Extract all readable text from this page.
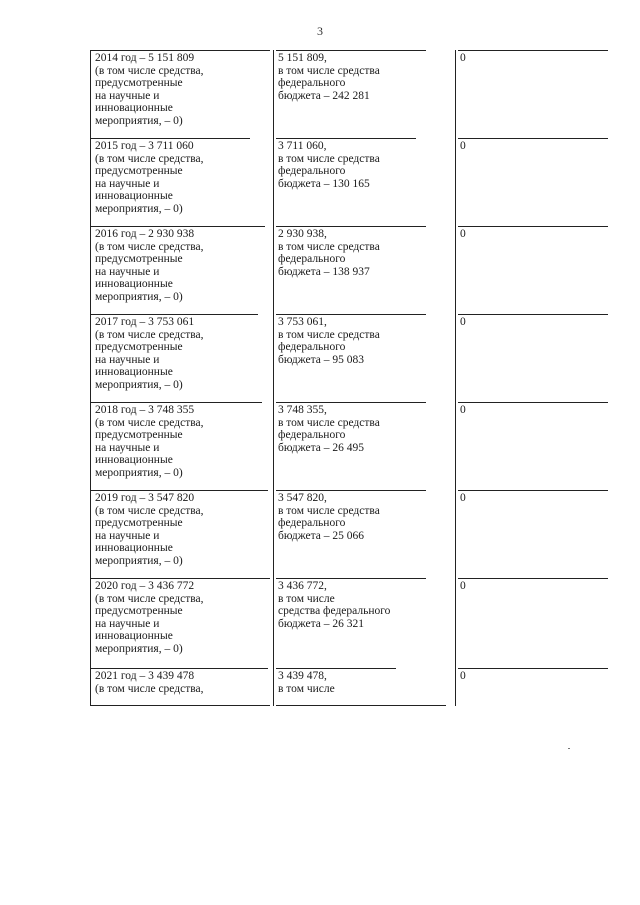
3
2014 год – 5 151 809
(в том числе средства,
предусмотренные
на научные и
инновационные
мероприятия, – 0)
5 151 809,
в том числе средства
федерального
бюджета – 242 281
0
2015 год – 3 711 060
(в том числе средства,
предусмотренные
на научные и
инновационные
мероприятия, – 0)
3 711 060,
в том числе средства
федерального
бюджета – 130 165
0
2016 год – 2 930 938
(в том числе средства,
предусмотренные
на научные и
инновационные
мероприятия, – 0)
2 930 938,
в том числе средства
федерального
бюджета – 138 937
0
2017 год – 3 753 061
(в том числе средства,
предусмотренные
на научные и
инновационные
мероприятия, – 0)
3 753 061,
в том числе средства
федерального
бюджета – 95 083
0
2018 год – 3 748 355
(в том числе средства,
предусмотренные
на научные и
инновационные
мероприятия, – 0)
3 748 355,
в том числе средства
федерального
бюджета – 26 495
0
2019 год – 3 547 820
(в том числе средства,
предусмотренные
на научные и
инновационные
мероприятия, – 0)
3 547 820,
в том числе средства
федерального
бюджета – 25 066
0
2020 год – 3 436 772
(в том числе средства,
предусмотренные
на научные и
инновационные
мероприятия, – 0)
3 436 772,
в том числе
средства федерального
бюджета – 26 321
0
2021 год – 3 439 478
(в том числе средства,
3 439 478,
в том числе
0
